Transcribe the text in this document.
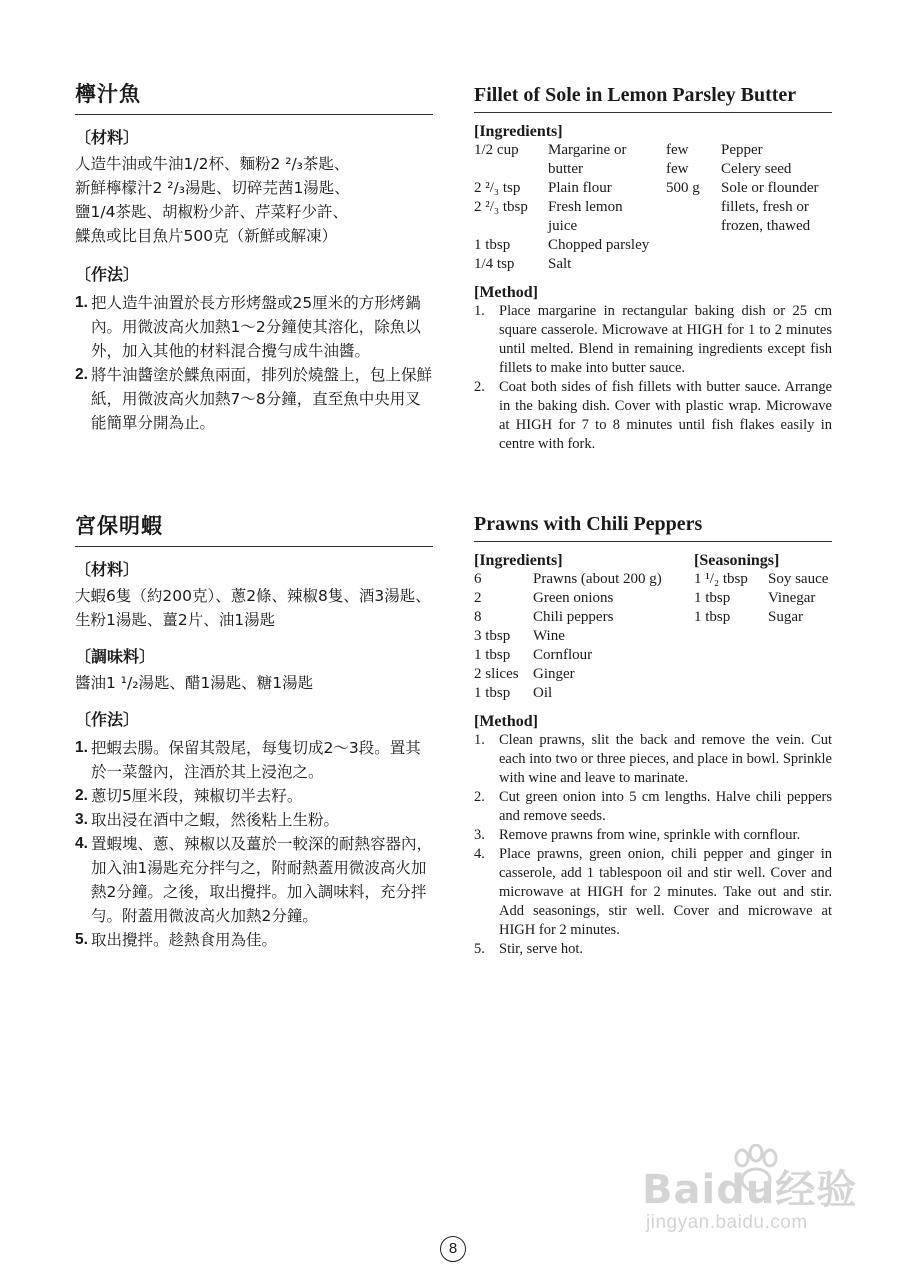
檸汁魚
〔材料〕

人造牛油或牛油1/2杯、麵粉2 ²/₃茶匙、

新鮮檸檬汁2 ²/₃湯匙、切碎芫茜1湯匙、

鹽1/4茶匙、胡椒粉少許、芹菜籽少許、

鰈魚或比目魚片500克（新鮮或解凍）

〔作法〕
1. 把人造牛油置於長方形烤盤或25厘米的方形烤鍋內。用微波高火加熱1～2分鐘使其溶化，除魚以外，加入其他的材料混合攪勻成牛油醬。
2. 將牛油醬塗於鰈魚兩面，排列於燒盤上，包上保鮮紙，用微波高火加熱7～8分鐘，直至魚中央用叉能簡單分開為止。
Fillet of Sole in Lemon Parsley Butter
[Ingredients]
1/2 cup	Margarine or	few	Pepper
	butter	few	Celery seed
2 ²/₃ tsp	Plain flour	500 g	Sole or flounder
2 ²/₃ tbsp	Fresh lemon		fillets, fresh or
	juice		frozen, thawed
1 tbsp	Chopped parsley		
1/4 tsp	Salt		
[Method]
1. Place margarine in rectangular baking dish or 25 cm square casserole. Microwave at HIGH for 1 to 2 minutes until melted. Blend in remaining ingredients except fish fillets to make into butter sauce.
2. Coat both sides of fish fillets with butter sauce. Arrange in the baking dish. Cover with plastic wrap. Microwave at HIGH for 7 to 8 minutes until fish flakes easily in centre with fork.
宮保明蝦
〔材料〕

大蝦6隻（約200克）、蔥2條、辣椒8隻、酒3湯匙、

生粉1湯匙、薑2片、油1湯匙

〔調味料〕

醬油1 ¹/₂湯匙、醋1湯匙、糖1湯匙

〔作法〕
1. 把蝦去腸。保留其殼尾，每隻切成2～3段。置其於一菜盤內，注酒於其上浸泡之。
2. 蔥切5厘米段，辣椒切半去籽。
3. 取出浸在酒中之蝦，然後粘上生粉。
4. 置蝦塊、蔥、辣椒以及薑於一較深的耐熱容器內，加入油1湯匙充分拌勻之，附耐熱蓋用微波高火加熱2分鐘。之後，取出攪拌。加入調味料，充分拌勻。附蓋用微波高火加熱2分鐘。
5. 取出攪拌。趁熱食用為佳。
Prawns with Chili Peppers
[Ingredients]
6	Prawns (about 200 g)
2	Green onions
8	Chili peppers
3 tbsp	Wine
1 tbsp	Cornflour
2 slices	Ginger
1 tbsp	Oil
[Seasonings]
1 ¹/₂ tbsp	Soy sauce
1 tbsp	Vinegar
1 tbsp	Sugar
[Method]
1. Clean prawns, slit the back and remove the vein. Cut each into two or three pieces, and place in bowl. Sprinkle with wine and leave to marinate.
2. Cut green onion into 5 cm lengths. Halve chili peppers and remove seeds.
3. Remove prawns from wine, sprinkle with cornflour.
4. Place prawns, green onion, chili pepper and ginger in casserole, add 1 tablespoon oil and stir well. Cover and microwave at HIGH for 2 minutes. Take out and stir. Add seasonings, stir well. Cover and microwave at HIGH for 2 minutes.
5. Stir, serve hot.
Baidu经验
jingyan.baidu.com
8
